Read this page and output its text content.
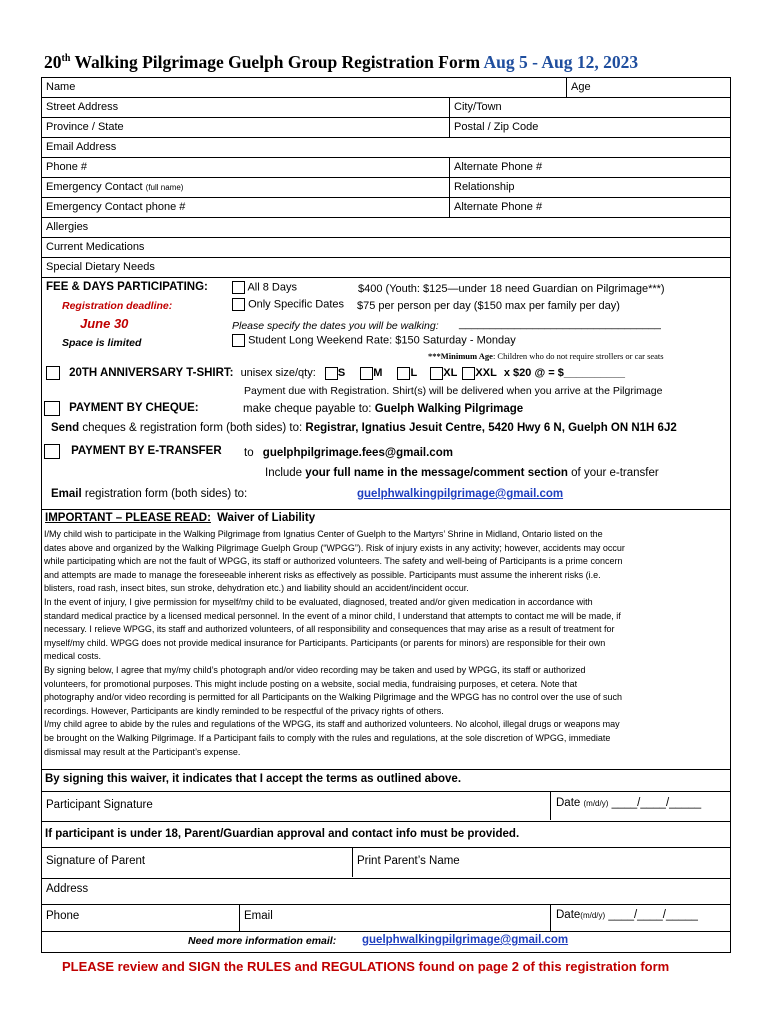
20th Walking Pilgrimage Guelph Group Registration Form Aug 5 - Aug 12, 2023
Name	Age
Street Address	City/Town
Province / State	Postal / Zip Code
Email Address
Phone #	Alternate Phone #
Emergency Contact (full name)	Relationship
Emergency Contact phone #	Alternate Phone #
Allergies
Current Medications
Special Dietary Needs
FEE & DAYS PARTICIPATING:
Registration deadline:
June 30
Space is limited
All 8 Days	$400 (Youth: $125—under 18 need Guardian on Pilgrimage***)
Only Specific Dates $75 per person per day ($150 max per family per day)
Please specify the dates you will be walking: _________________________________
Student Long Weekend Rate: $150 Saturday - Monday
***Minimum Age: Children who do not require strollers or car seats
20TH ANNIVERSARY T-SHIRT: unisex size/qty: S	M	L XL XXL x $20 @ = $__________
Payment due with Registration. Shirt(s) will be delivered when you arrive at the Pilgrimage
PAYMENT BY CHEQUE:	make cheque payable to: Guelph Walking Pilgrimage
Send cheques & registration form (both sides) to: Registrar, Ignatius Jesuit Centre, 5420 Hwy 6 N, Guelph ON N1H 6J2
PAYMENT BY E-TRANSFER to guelphpilgrimage.fees@gmail.com
Include your full name in the message/comment section of your e-transfer
Email registration form (both sides) to:	guelphwalkingpilgrimage@gmail.com
IMPORTANT – PLEASE READ: Waiver of Liability

I/My child wish to participate in the Walking Pilgrimage from Ignatius Center of Guelph to the Martyrs’ Shrine in Midland, Ontario listed on the

dates above and organized by the Walking Pilgrimage Guelph Group (“WPGG”). Risk of injury exists in any activity; however, accidents may occur

while participating which are not the fault of WPGG, its staff or authorized volunteers. The safety and well-being of Participants is a prime concern

and attempts are made to manage the foreseeable inherent risks as effectively as possible. Participants must assume the inherent risks (i.e.

blisters, road rash, insect bites, sun stroke, dehydration etc.) and liability should an accident/incident occur.

In the event of injury, I give permission for myself/my child to be evaluated, diagnosed, treated and/or given medication in accordance with

standard medical practice by a licensed medical personnel. In the event of a minor child, I understand that attempts to contact me will be made, if

necessary. I relieve WPGG, its staff and authorized volunteers, of all responsibility and consequences that may arise as a result of treatment for

myself/my child. WPGG does not provide medical insurance for Participants. Participants (or parents for minors) are responsible for their own

medical costs.

By signing below, I agree that my/my child’s photograph and/or video recording may be taken and used by WPGG, its staff or authorized

volunteers, for promotional purposes. This might include posting on a website, social media, fundraising purposes, et cetera. Note that

photography and/or video recording is permitted for all Participants on the Walking Pilgrimage and the WPGG has no control over the use of such

recordings. However, Participants are kindly reminded to be respectful of the privacy rights of others.

I/my child agree to abide by the rules and regulations of the WPGG, its staff and authorized volunteers. No alcohol, illegal drugs or weapons may

be brought on the Walking Pilgrimage. If a Participant fails to comply with the rules and regulations, at the sole discretion of WPGG, immediate

dismissal may result at the Participant’s expense.

By signing this waiver, it indicates that I accept the terms as outlined above.
Participant Signature	Date (m/d/y) ____/____/_____
If participant is under 18, Parent/Guardian approval and contact info must be provided.
Signature of Parent	Print Parent’s Name
Address
Phone	Email	Date(m/d/y) ____/____/_____
Need more information email: guelphwalkingpilgrimage@gmail.com
PLEASE review and SIGN the RULES and REGULATIONS found on page 2 of this registration form
